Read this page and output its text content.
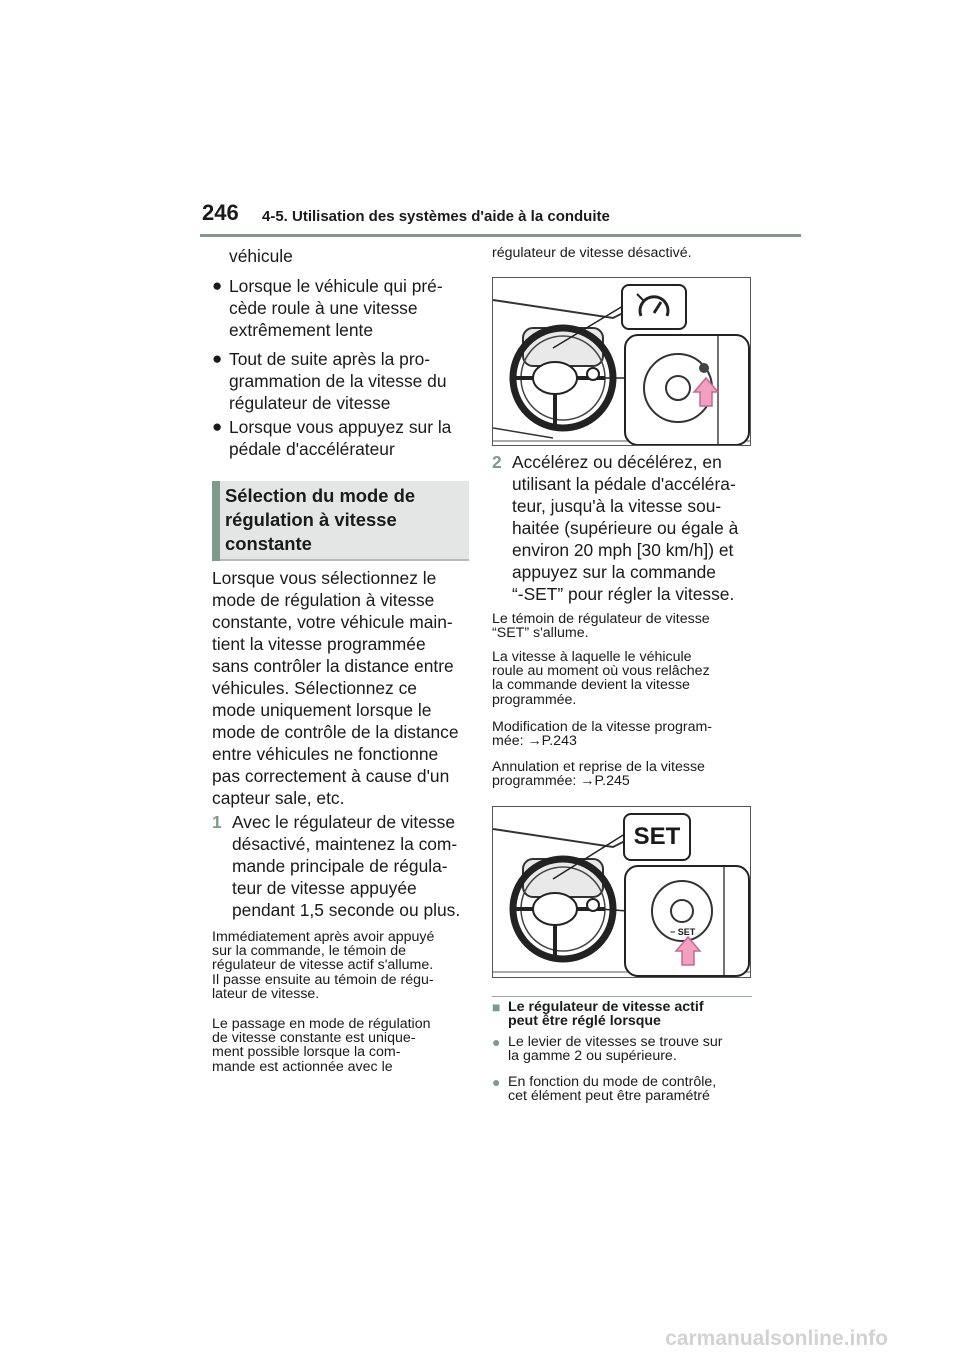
246 4-5. Utilisation des systèmes d'aide à la conduite
véhicule
● Lorsque le véhicule qui pré-
cède roule à une vitesse
extrêmement lente
● Tout de suite après la pro-
grammation de la vitesse du
régulateur de vitesse
● Lorsque vous appuyez sur la
pédale d'accélérateur
Sélection du mode de
régulation à vitesse
constante
Lorsque vous sélectionnez le
mode de régulation à vitesse
constante, votre véhicule main-
tient la vitesse programmée
sans contrôler la distance entre
véhicules. Sélectionnez ce
mode uniquement lorsque le
mode de contrôle de la distance
entre véhicules ne fonctionne
pas correctement à cause d'un
capteur sale, etc.
1 Avec le régulateur de vitesse
désactivé, maintenez la com-
mande principale de régula-
teur de vitesse appuyée
pendant 1,5 seconde ou plus.
Immédiatement après avoir appuyé
sur la commande, le témoin de
régulateur de vitesse actif s'allume.
Il passe ensuite au témoin de régu-
lateur de vitesse.
Le passage en mode de régulation
de vitesse constante est unique-
ment possible lorsque la com-
mande est actionnée avec le
régulateur de vitesse désactivé.
2 Accélérez ou décélérez, en
utilisant la pédale d'accéléra-
teur, jusqu'à la vitesse sou-
haitée (supérieure ou égale à
environ 20 mph [30 km/h]) et
appuyez sur la commande
“-SET” pour régler la vitesse.
Le témoin de régulateur de vitesse
“SET” s'allume.
La vitesse à laquelle le véhicule
roule au moment où vous relâchez
la commande devient la vitesse
programmée.
Modification de la vitesse program-
mée: →P.243
Annulation et reprise de la vitesse
programmée: →P.245
SET
− SET
■ Le régulateur de vitesse actif
peut être réglé lorsque
● Le levier de vitesses se trouve sur
la gamme 2 ou supérieure.
● En fonction du mode de contrôle,
cet élément peut être paramétré
carmanualsonline.info
